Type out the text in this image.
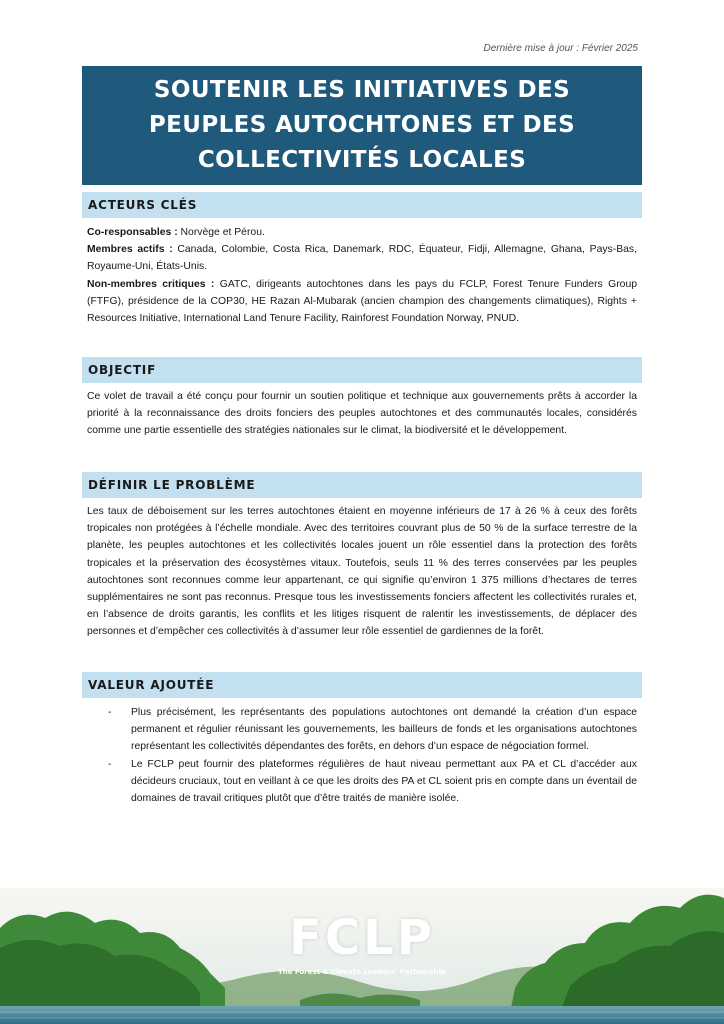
Dernière mise à jour : Février 2025
SOUTENIR LES INITIATIVES DES PEUPLES AUTOCHTONES ET DES COLLECTIVITÉS LOCALES
ACTEURS CLÉS

Co-responsables : Norvège et Pérou.

Membres actifs : Canada, Colombie, Costa Rica, Danemark, RDC, Équateur, Fidji, Allemagne, Ghana, Pays-Bas, Royaume-Uni, États-Unis.

Non-membres critiques : GATC, dirigeants autochtones dans les pays du FCLP, Forest Tenure Funders Group (FTFG), présidence de la COP30, HE Razan Al-Mubarak (ancien champion des changements climatiques), Rights + Resources Initiative, International Land Tenure Facility, Rainforest Foundation Norway, PNUD.

OBJECTIF

Ce volet de travail a été conçu pour fournir un soutien politique et technique aux gouvernements prêts à accorder la priorité à la reconnaissance des droits fonciers des peuples autochtones et des communautés locales, considérés comme une partie essentielle des stratégies nationales sur le climat, la biodiversité et le développement.

DÉFINIR LE PROBLÈME

Les taux de déboisement sur les terres autochtones étaient en moyenne inférieurs de 17 à 26 % à ceux des forêts tropicales non protégées à l’échelle mondiale. Avec des territoires couvrant plus de 50 % de la surface terrestre de la planète, les peuples autochtones et les collectivités locales jouent un rôle essentiel dans la protection des forêts tropicales et la préservation des écosystèmes vitaux. Toutefois, seuls 11 % des terres conservées par les peuples autochtones sont reconnues comme leur appartenant, ce qui signifie qu’environ 1 375 millions d’hectares de terres supplémentaires ne sont pas reconnus. Presque tous les investissements fonciers affectent les collectivités rurales et, en l’absence de droits garantis, les conflits et les litiges risquent de ralentir les investissements, de déplacer des personnes et d’empêcher ces collectivités à d’assumer leur rôle essentiel de gardiennes de la forêt.

VALEUR AJOUTÉE
- Plus précisément, les représentants des populations autochtones ont demandé la création d’un espace permanent et régulier réunissant les gouvernements, les bailleurs de fonds et les organisations autochtones représentant les collectivités dépendantes des forêts, en dehors d’un espace de négociation formel.
- Le FCLP peut fournir des plateformes régulières de haut niveau permettant aux PA et CL d’accéder aux décideurs cruciaux, tout en veillant à ce que les droits des PA et CL soient pris en compte dans un éventail de domaines de travail critiques plutôt que d’être traités de manière isolée.
FCLP
The Forest & Climate Leaders’ Partnership
